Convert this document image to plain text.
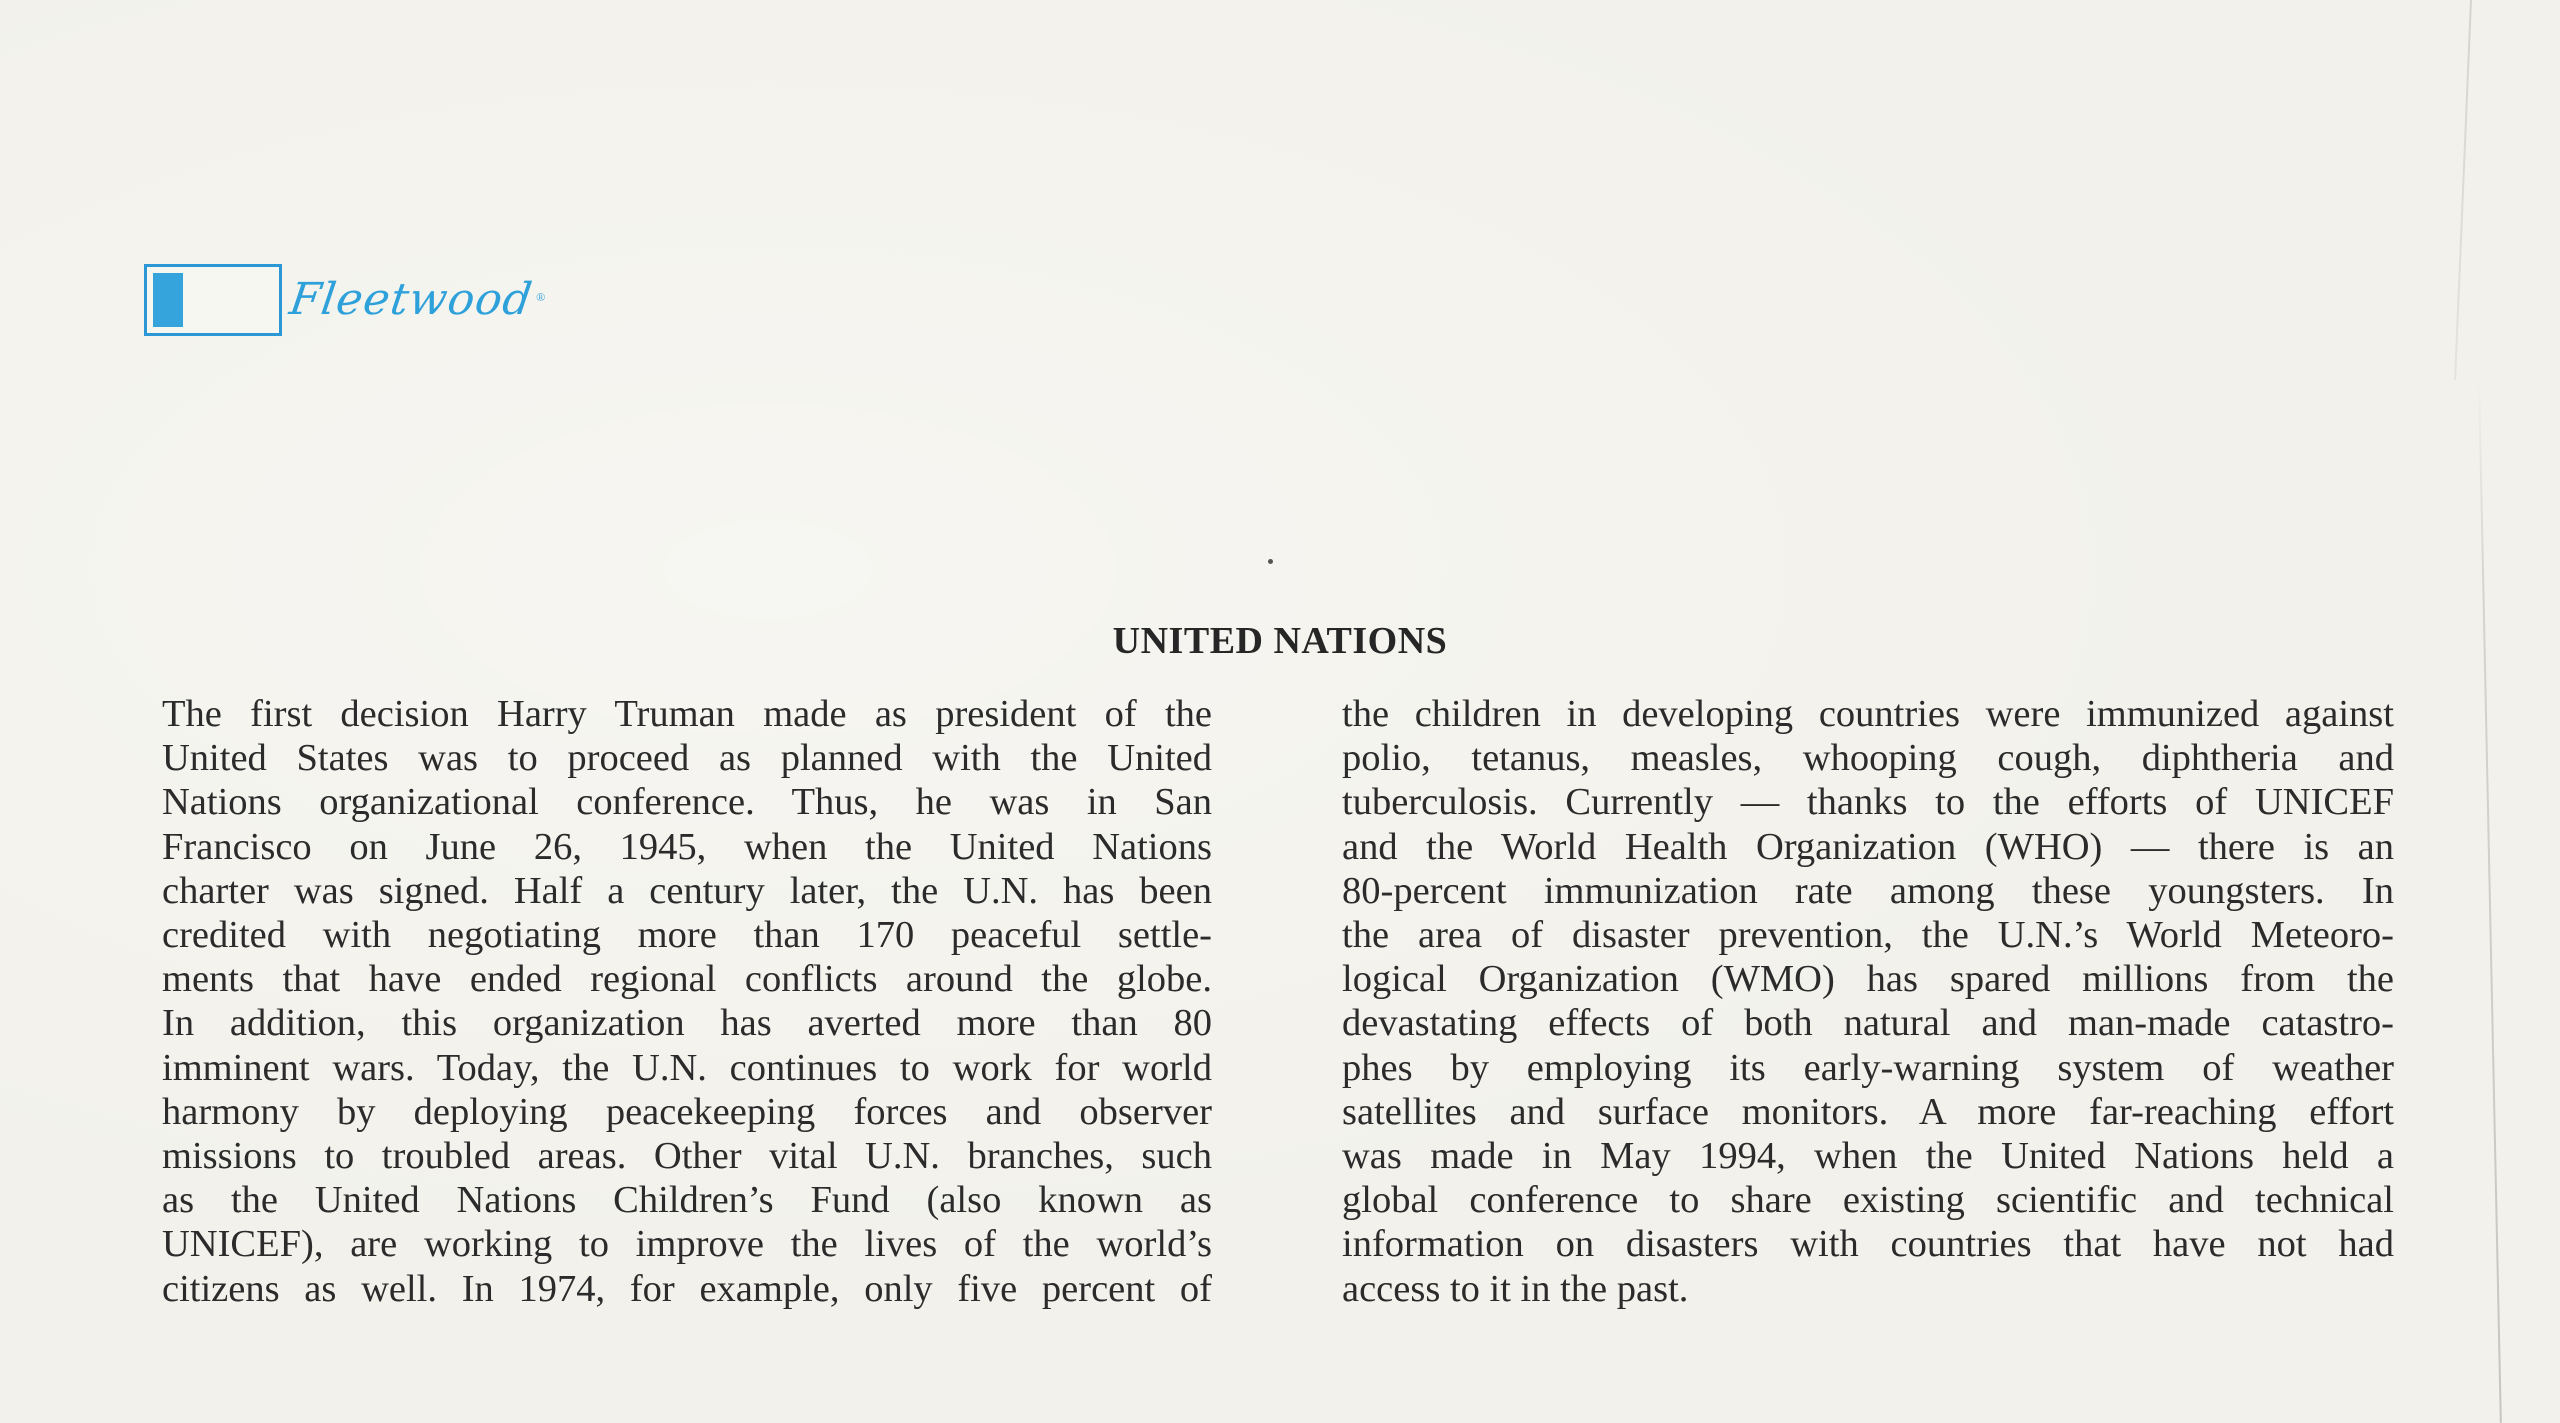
Fleetwood ®
UNITED NATIONS
The first decision Harry Truman made as president of the
United States was to proceed as planned with the United
Nations organizational conference. Thus, he was in San
Francisco on June 26, 1945, when the United Nations
charter was signed. Half a century later, the U.N. has been
credited with negotiating more than 170 peaceful settle-
ments that have ended regional conflicts around the globe.
In addition, this organization has averted more than 80
imminent wars. Today, the U.N. continues to work for world
harmony by deploying peacekeeping forces and observer
missions to troubled areas. Other vital U.N. branches, such
as the United Nations Children’s Fund (also known as
UNICEF), are working to improve the lives of the world’s
citizens as well. In 1974, for example, only five percent of
the children in developing countries were immunized against
polio, tetanus, measles, whooping cough, diphtheria and
tuberculosis. Currently — thanks to the efforts of UNICEF
and the World Health Organization (WHO) — there is an
80-percent immunization rate among these youngsters. In
the area of disaster prevention, the U.N.’s World Meteoro-
logical Organization (WMO) has spared millions from the
devastating effects of both natural and man-made catastro-
phes by employing its early-warning system of weather
satellites and surface monitors. A more far-reaching effort
was made in May 1994, when the United Nations held a
global conference to share existing scientific and technical
information on disasters with countries that have not had
access to it in the past.
